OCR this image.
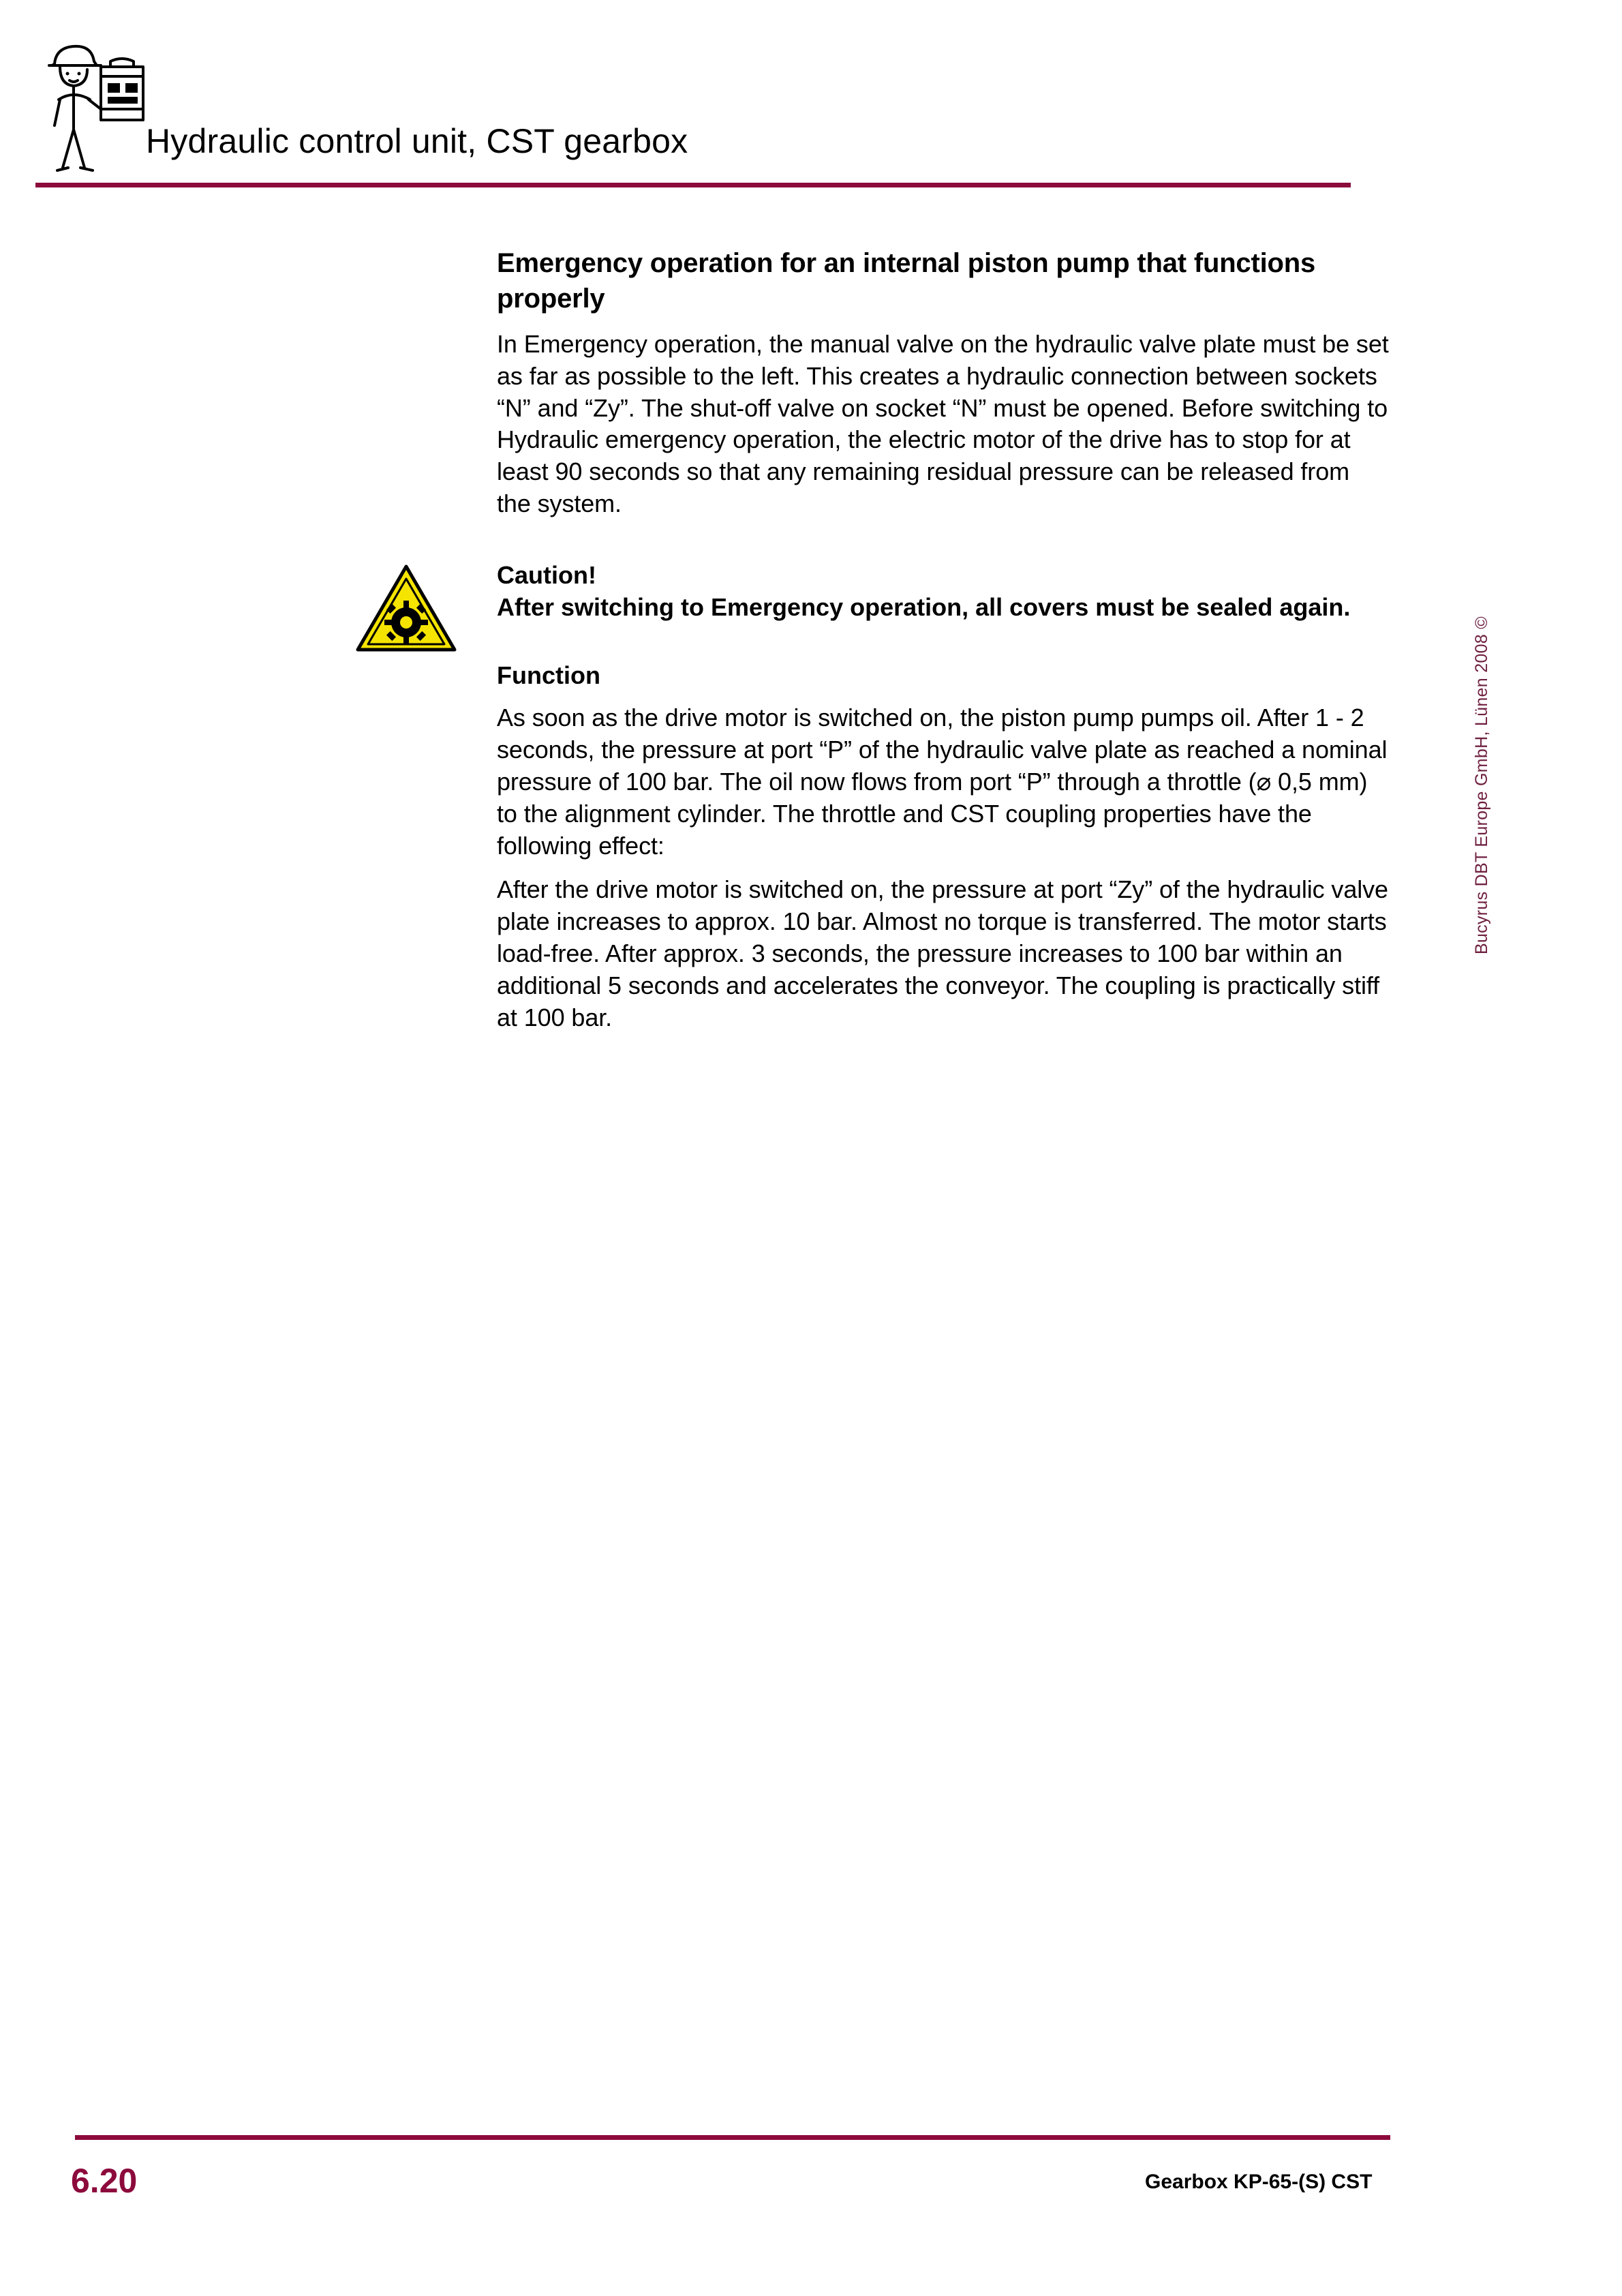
Hydraulic control unit, CST gearbox
Emergency operation for an internal piston pump that functions properly

In Emergency operation, the manual valve on the hydraulic valve plate must be set as far as possible to the left. This creates a hydraulic connection between sockets “N” and “Zy”. The shut-off valve on socket “N” must be opened. Before switching to Hydraulic emergency operation, the electric motor of the drive has to stop for at least 90 seconds so that any remaining residual pressure can be released from the system.

Caution!

After switching to Emergency operation, all covers must be sealed again.

Function

As soon as the drive motor is switched on, the piston pump pumps oil. After 1 - 2 seconds, the pressure at port “P” of the hydraulic valve plate as reached a nominal pressure of 100 bar. The oil now flows from port “P” through a throttle (⌀ 0,5 mm) to the alignment cylinder. The throttle and CST coupling properties have the following effect:

After the drive motor is switched on, the pressure at port “Zy” of the hydraulic valve plate increases to approx. 10 bar. Almost no torque is transferred. The motor starts load-free. After approx. 3 seconds, the pressure increases to 100 bar within an additional 5 seconds and accelerates the conveyor. The coupling is practically stiff at 100 bar.

Bucyrus DBT Europe GmbH, Lünen 2008 ©
6.20	Gearbox KP-65-(S) CST
